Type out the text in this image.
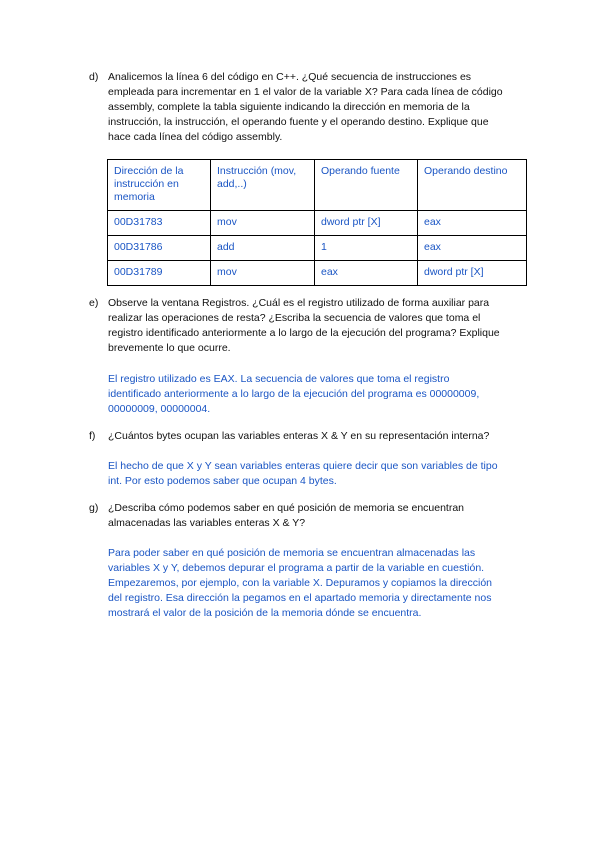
d) Analicemos la línea 6 del código en C++. ¿Qué secuencia de instrucciones es
empleada para incrementar en 1 el valor de la variable X? Para cada línea de código
assembly, complete la tabla siguiente indicando la dirección en memoria de la
instrucción, la instrucción, el operando fuente y el operando destino. Explique que
hace cada línea del código assembly.
Dirección de la instrucción en memoria	Instrucción (mov, add,..)	Operando fuente	Operando destino
00D31783	mov	dword ptr [X]	eax
00D31786	add	1	eax
00D31789	mov	eax	dword ptr [X]
e) Observe la ventana Registros. ¿Cuál es el registro utilizado de forma auxiliar para
realizar las operaciones de resta? ¿Escriba la secuencia de valores que toma el
registro identificado anteriormente a lo largo de la ejecución del programa? Explique
brevemente lo que ocurre.
El registro utilizado es EAX. La secuencia de valores que toma el registro
identificado anteriormente a lo largo de la ejecución del programa es 00000009,
00000009, 00000004.
f) ¿Cuántos bytes ocupan las variables enteras X & Y en su representación interna?
El hecho de que X y Y sean variables enteras quiere decir que son variables de tipo
int. Por esto podemos saber que ocupan 4 bytes.
g) ¿Describa cómo podemos saber en qué posición de memoria se encuentran
almacenadas las variables enteras X & Y?
Para poder saber en qué posición de memoria se encuentran almacenadas las
variables X y Y, debemos depurar el programa a partir de la variable en cuestión.
Empezaremos, por ejemplo, con la variable X. Depuramos y copiamos la dirección
del registro. Esa dirección la pegamos en el apartado memoria y directamente nos
mostrará el valor de la posición de la memoria dónde se encuentra.
